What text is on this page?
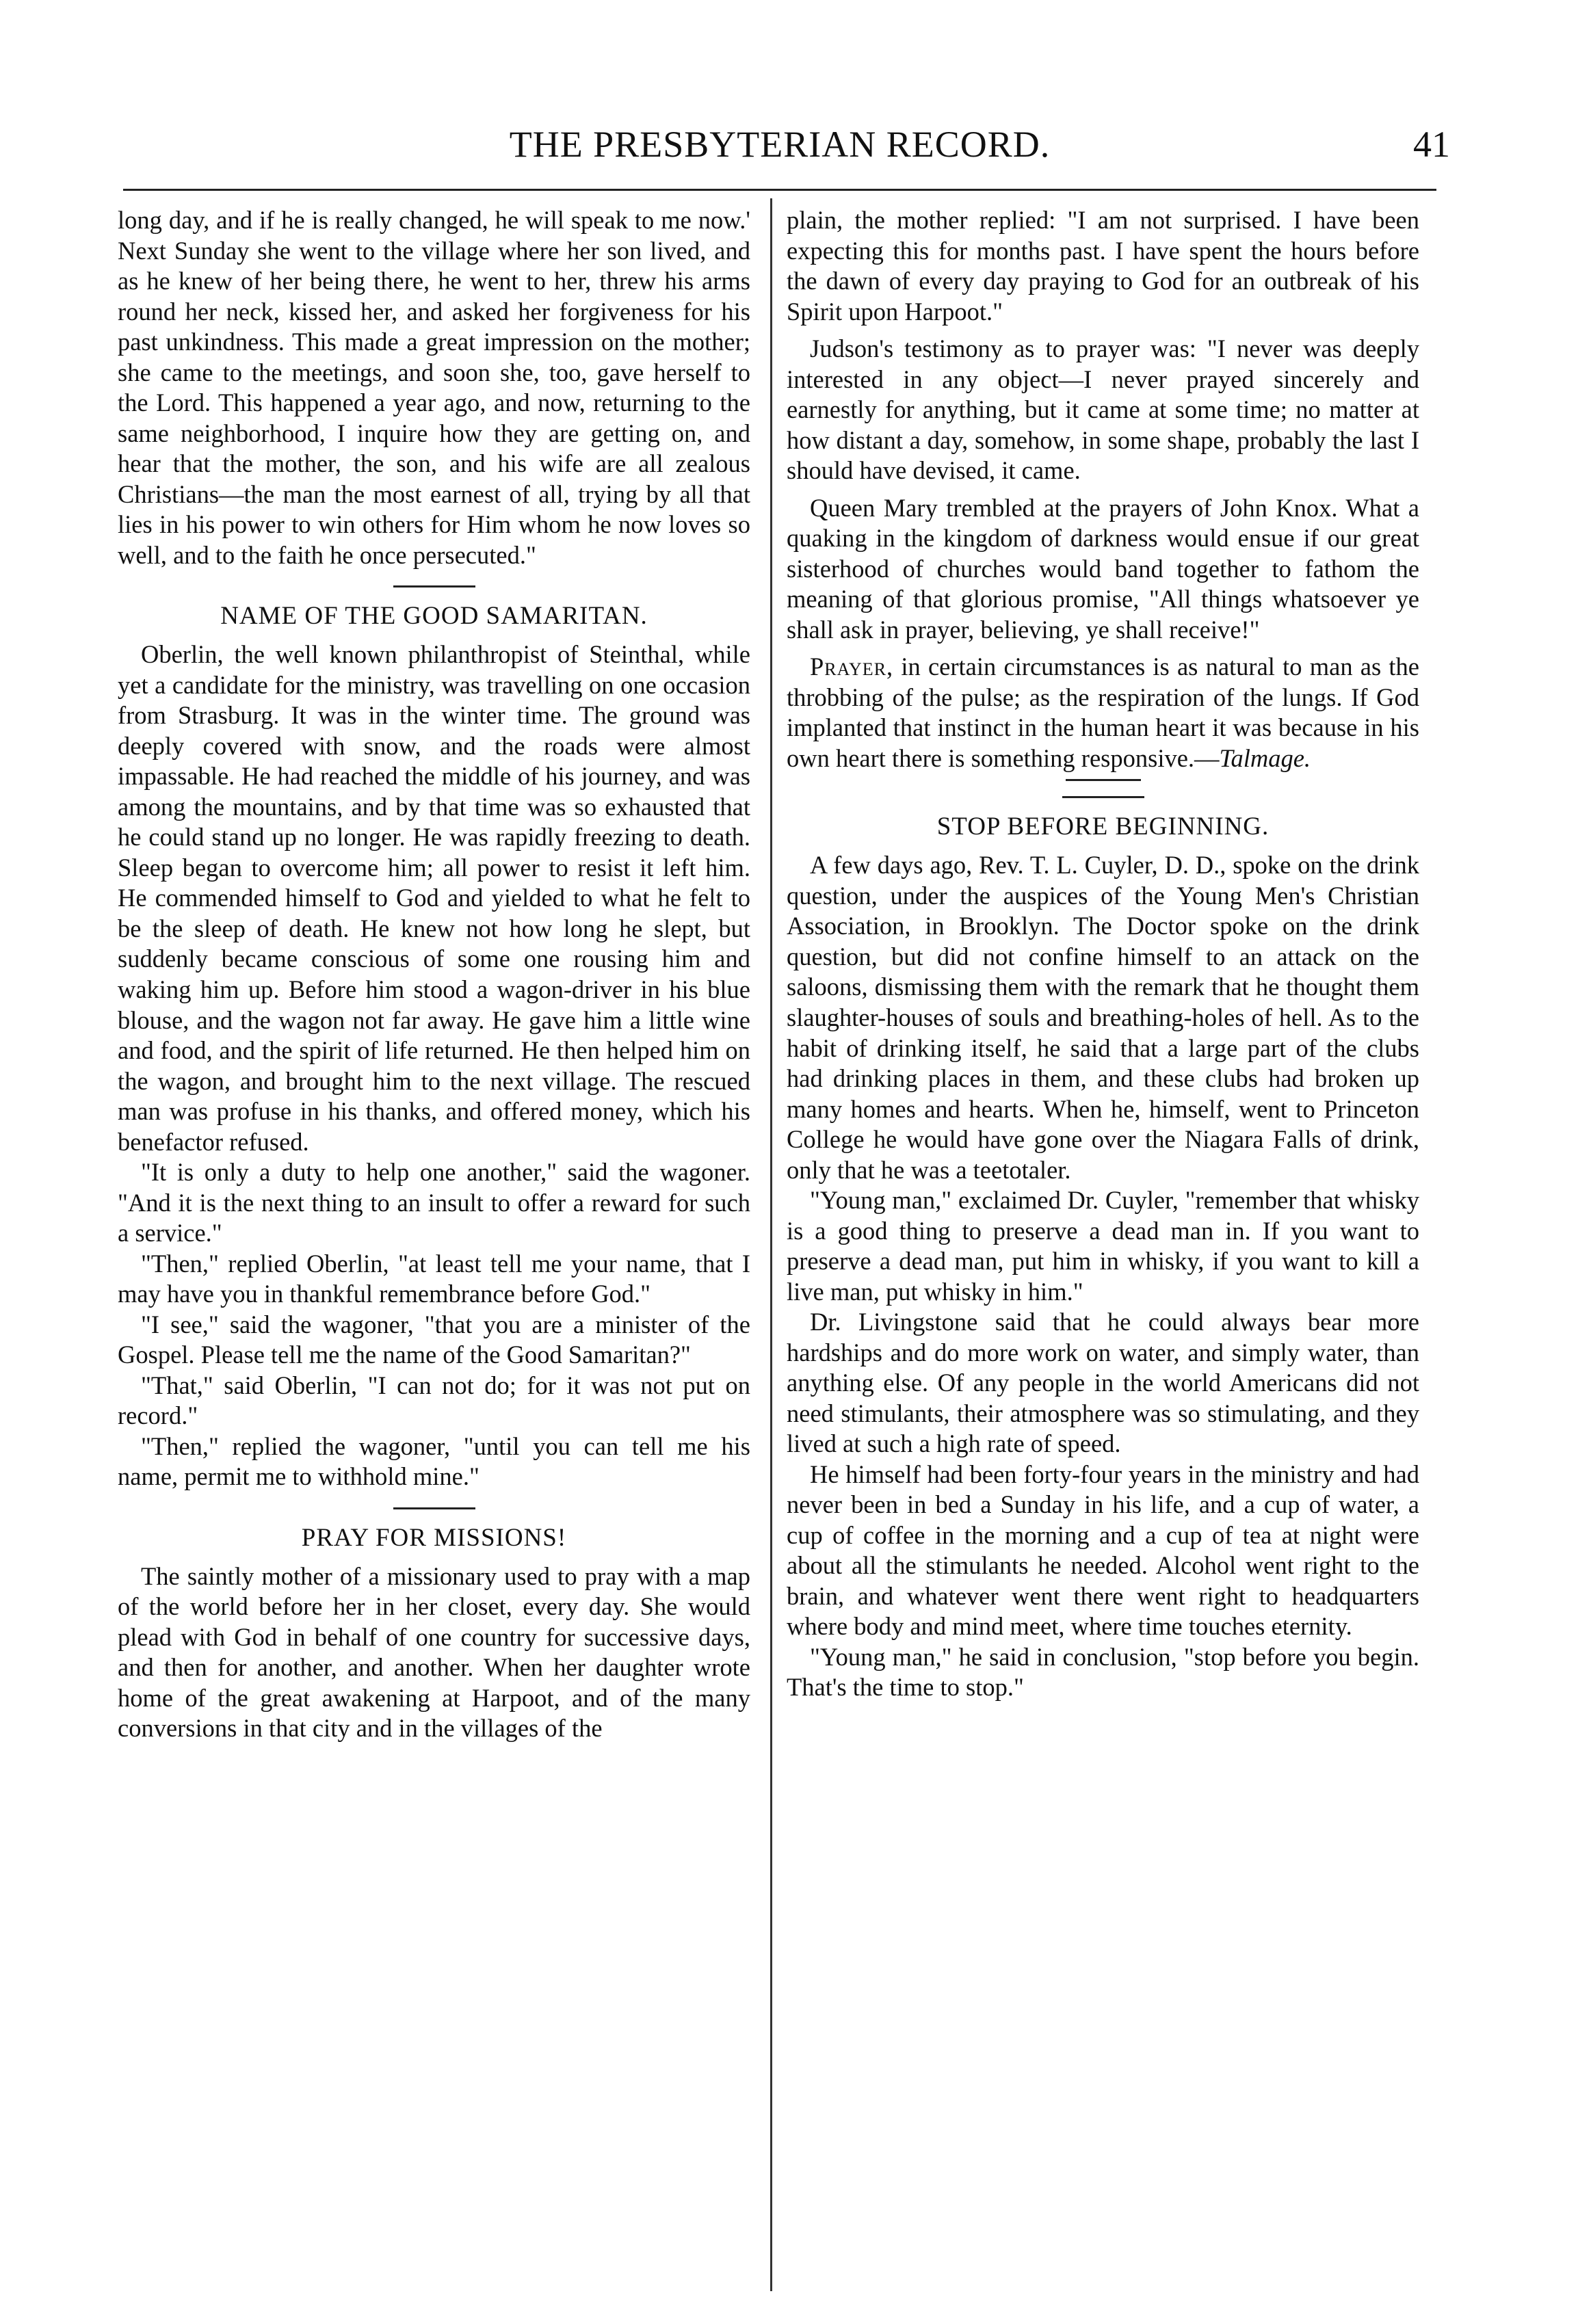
THE PRESBYTERIAN RECORD.	41

long day, and if he is really changed, he will speak to me now.' Next Sunday she went to the village where her son lived, and as he knew of her being there, he went to her, threw his arms round her neck, kissed her, and asked her forgiveness for his past unkindness. This made a great impression on the mother; she came to the meetings, and soon she, too, gave herself to the Lord. This happened a year ago, and now, returning to the same neighborhood, I inquire how they are getting on, and hear that the mother, the son, and his wife are all zealous Christians—the man the most earnest of all, trying by all that lies in his power to win others for Him whom he now loves so well, and to the faith he once persecuted."

NAME OF THE GOOD SAMARITAN.

Oberlin, the well known philanthropist of Steinthal, while yet a candidate for the ministry, was travelling on one occasion from Strasburg. It was in the winter time. The ground was deeply covered with snow, and the roads were almost impassable. He had reached the middle of his journey, and was among the mountains, and by that time was so exhausted that he could stand up no longer. He was rapidly freezing to death. Sleep began to overcome him; all power to resist it left him. He commended himself to God and yielded to what he felt to be the sleep of death. He knew not how long he slept, but suddenly became conscious of some one rousing him and waking him up. Before him stood a wagon-driver in his blue blouse, and the wagon not far away. He gave him a little wine and food, and the spirit of life returned. He then helped him on the wagon, and brought him to the next village. The rescued man was profuse in his thanks, and offered money, which his benefactor refused.

"It is only a duty to help one another," said the wagoner. "And it is the next thing to an insult to offer a reward for such a service."

"Then," replied Oberlin, "at least tell me your name, that I may have you in thankful remembrance before God."

"I see," said the wagoner, "that you are a minister of the Gospel. Please tell me the name of the Good Samaritan?"

"That," said Oberlin, "I can not do; for it was not put on record."

"Then," replied the wagoner, "until you can tell me his name, permit me to withhold mine."

PRAY FOR MISSIONS!

The saintly mother of a missionary used to pray with a map of the world before her in her closet, every day. She would plead with God in behalf of one country for successive days, and then for another, and another. When her daughter wrote home of the great awakening at Harpoot, and of the many conversions in that city and in the villages of the

plain, the mother replied: "I am not surprised. I have been expecting this for months past. I have spent the hours before the dawn of every day praying to God for an outbreak of his Spirit upon Harpoot."

Judson's testimony as to prayer was: "I never was deeply interested in any object—I never prayed sincerely and earnestly for anything, but it came at some time; no matter at how distant a day, somehow, in some shape, probably the last I should have devised, it came.

Queen Mary trembled at the prayers of John Knox. What a quaking in the kingdom of darkness would ensue if our great sisterhood of churches would band together to fathom the meaning of that glorious promise, "All things whatsoever ye shall ask in prayer, believing, ye shall receive!"

Prayer, in certain circumstances is as natural to man as the throbbing of the pulse; as the respiration of the lungs. If God implanted that instinct in the human heart it was because in his own heart there is something responsive.—Talmage.

STOP BEFORE BEGINNING.

A few days ago, Rev. T. L. Cuyler, D. D., spoke on the drink question, under the auspices of the Young Men's Christian Association, in Brooklyn. The Doctor spoke on the drink question, but did not confine himself to an attack on the saloons, dismissing them with the remark that he thought them slaughter-houses of souls and breathing-holes of hell. As to the habit of drinking itself, he said that a large part of the clubs had drinking places in them, and these clubs had broken up many homes and hearts. When he, himself, went to Princeton College he would have gone over the Niagara Falls of drink, only that he was a teetotaler.

"Young man," exclaimed Dr. Cuyler, "remember that whisky is a good thing to preserve a dead man in. If you want to preserve a dead man, put him in whisky, if you want to kill a live man, put whisky in him."

Dr. Livingstone said that he could always bear more hardships and do more work on water, and simply water, than anything else. Of any people in the world Americans did not need stimulants, their atmosphere was so stimulating, and they lived at such a high rate of speed.

He himself had been forty-four years in the ministry and had never been in bed a Sunday in his life, and a cup of water, a cup of coffee in the morning and a cup of tea at night were about all the stimulants he needed. Alcohol went right to the brain, and whatever went there went right to headquarters where body and mind meet, where time touches eternity.

"Young man," he said in conclusion, "stop before you begin. That's the time to stop."
